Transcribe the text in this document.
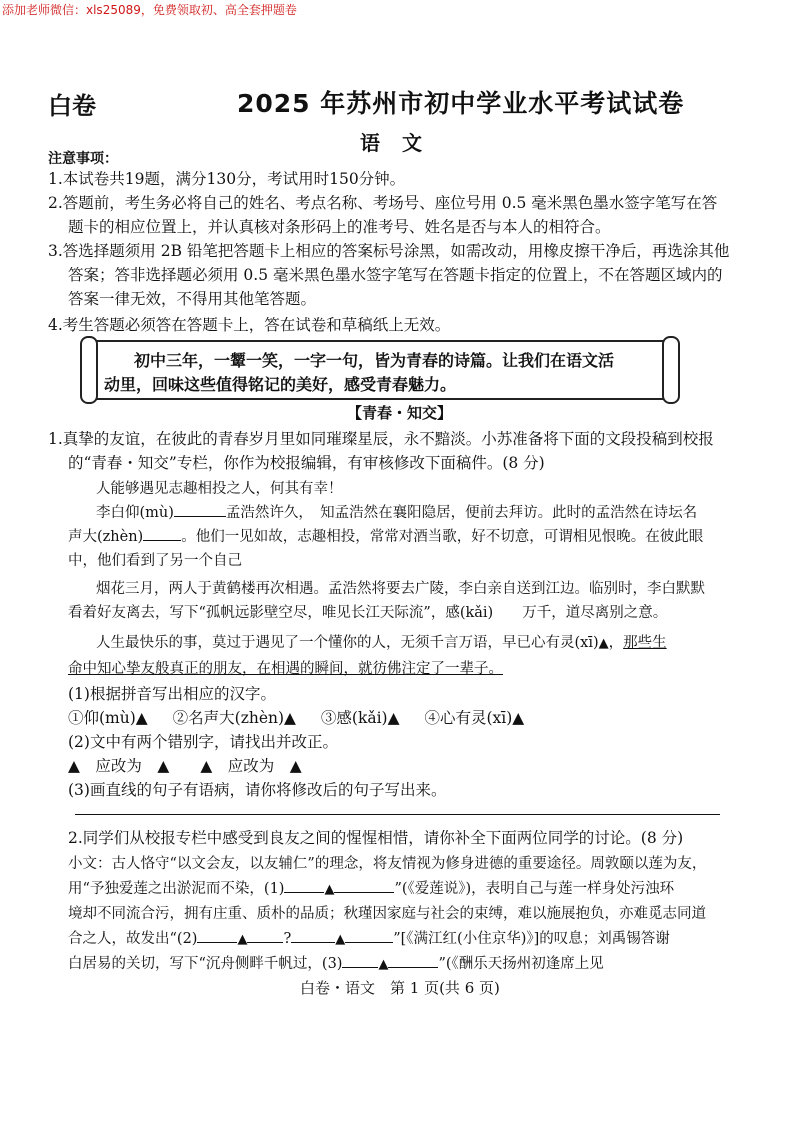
添加老师微信：xls25089，免费领取初、高全套押题卷
白卷	2025 年苏州市初中学业水平考试试卷
语文
注意事项：
1.本试卷共19题，满分130分，考试用时150分钟。
2.答题前，考生务必将自己的姓名、考点名称、考场号、座位号用 0.5 毫米黑色墨水签字笔写在答
题卡的相应位置上，并认真核对条形码上的准考号、姓名是否与本人的相符合。
3.答选择题须用 2B 铅笔把答题卡上相应的答案标号涂黑，如需改动，用橡皮擦干净后，再选涂其他
答案；答非选择题必须用 0.5 毫米黑色墨水签字笔写在答题卡指定的位置上，不在答题区域内的
答案一律无效，不得用其他笔答题。
4.考生答题必须答在答题卡上，答在试卷和草稿纸上无效。
初中三年，一颦一笑，一字一句，皆为青春的诗篇。让我们在语文活
动里，回味这些值得铭记的美好，感受青春魅力。
【青春・知交】
1.真挚的友谊，在彼此的青春岁月里如同璀璨星辰，永不黯淡。小苏准备将下面的文段投稿到校报
的“青春・知交”专栏，你作为校报编辑，有审核修改下面稿件。(8 分)
人能够遇见志趣相投之人，何其有幸！
李白仰(mù)	孟浩然许久，　知孟浩然在襄阳隐居，便前去拜访。此时的孟浩然在诗坛名
声大(zhèn)	。他们一见如故，志趣相投，常常对酒当歌，好不切意，可谓相见恨晚。在彼此眼
中，他们看到了另一个自己
烟花三月，两人于黄鹤楼再次相遇。孟浩然将要去广陵，李白亲自送到江边。临别时，李白默默
看着好友离去，写下“孤帆远影壁空尽，唯见长江天际流”，感(kǎi)　　万千，道尽离别之意。
人生最快乐的事，莫过于遇见了一个懂你的人，无须千言万语，早已心有灵(xī)▲，那些生
命中知心挚友般真正的朋友，在相遇的瞬间，就彷佛注定了一辈子。
(1)根据拼音写出相应的汉字。
①仰(mù)▲ ②名声大(zhèn)▲ ③感(kǎi)▲ ④心有灵(xī)▲
(2)文中有两个错别字，请找出并改正。
▲　应改为　▲　　▲　应改为　▲
(3)画直线的句子有语病，请你将修改后的句子写出来。
2.同学们从校报专栏中感受到良友之间的惺惺相惜，请你补全下面两位同学的讨论。(8 分)
小文：古人恪守“以文会友，以友辅仁”的理念，将友情视为修身进德的重要途径。周敦颐以莲为友，
用“予独爱莲之出淤泥而不染，(1)	▲	”(《爱莲说》)，表明自己与莲一样身处污浊环
境却不同流合污，拥有庄重、质朴的品质；秋瑾因家庭与社会的束缚，难以施展抱负，亦难觅志同道
合之人，故发出“(2)	▲ ?	▲	”[《满江红(小住京华)》]的叹息；刘禹锡答谢
白居易的关切，写下“沉舟侧畔千帆过，(3)	▲	”(《酬乐天扬州初逢席上见
白卷・语文　第 1 页(共 6 页)
